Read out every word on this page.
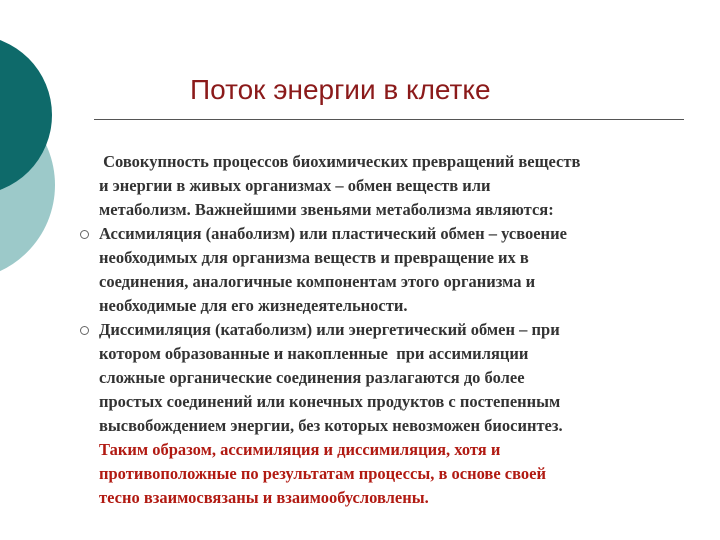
Поток энергии в клетке
Совокупность процессов биохимических превращений веществ
и энергии в живых организмах – обмен веществ или
метаболизм. Важнейшими звеньями метаболизма являются:
Ассимиляция (анаболизм) или пластический обмен – усвоение
необходимых для организма веществ и превращение их в
соединения, аналогичные компонентам этого организма и
необходимые для его жизнедеятельности.
Диссимиляция (катаболизм) или энергетический обмен – при
котором образованные и накопленные  при ассимиляции
сложные органические соединения разлагаются до более
простых соединений или конечных продуктов с постепенным
высвобождением энергии, без которых невозможен биосинтез.
Таким образом, ассимиляция и диссимиляция, хотя и
противоположные по результатам процессы, в основе своей
тесно взаимосвязаны и взаимообусловлены.
